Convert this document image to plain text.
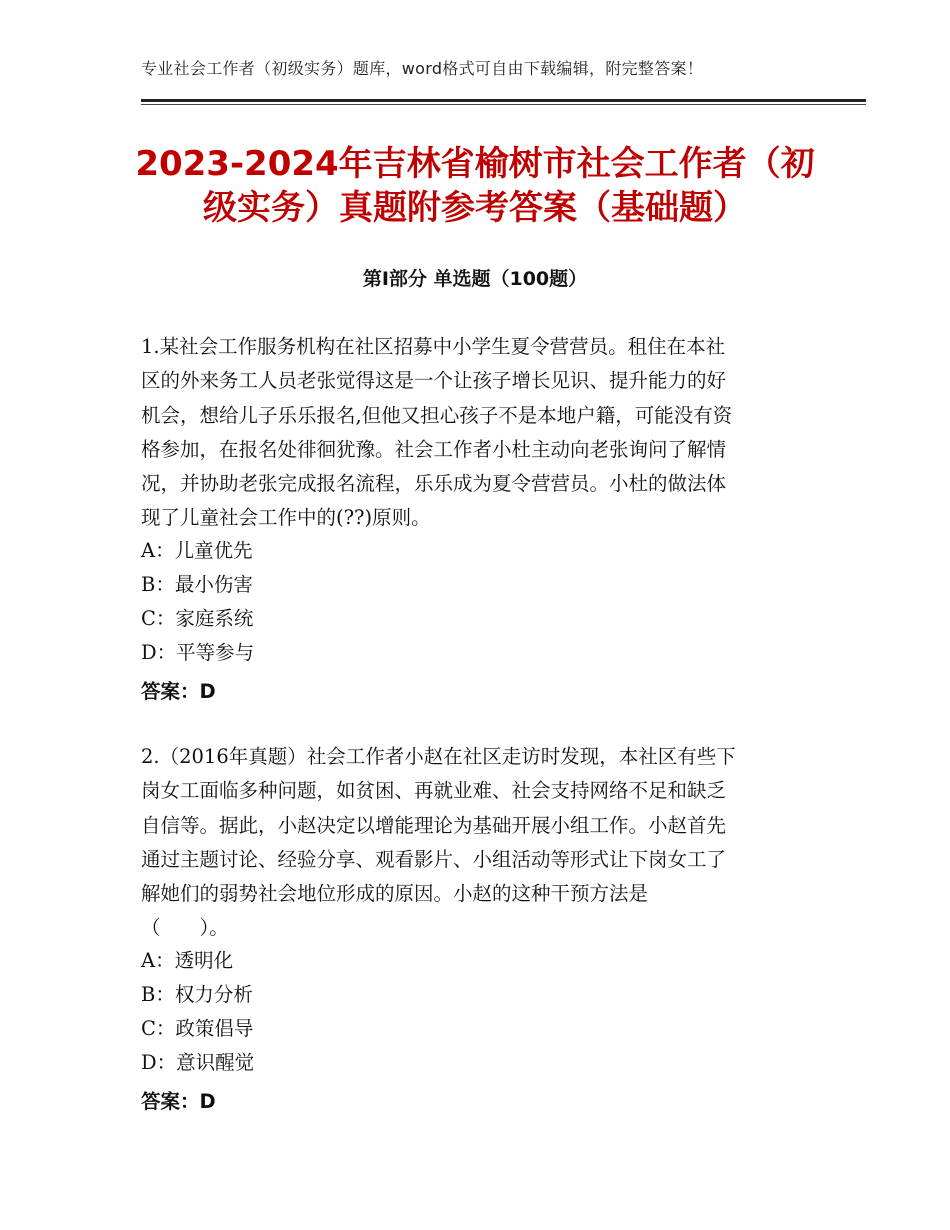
专业社会工作者（初级实务）题库，word格式可自由下载编辑，附完整答案！
2023-2024年吉林省榆树市社会工作者（初
级实务）真题附参考答案（基础题）
第Ⅰ部分 单选题（100题）
1.某社会工作服务机构在社区招募中小学生夏令营营员。租住在本社
区的外来务工人员老张觉得这是一个让孩子增长见识、提升能力的好
机会，想给儿子乐乐报名,但他又担心孩子不是本地户籍，可能没有资
格参加，在报名处徘徊犹豫。社会工作者小杜主动向老张询问了解情
况，并协助老张完成报名流程，乐乐成为夏令营营员。小杜的做法体
现了儿童社会工作中的(??)原则。
A：儿童优先
B：最小伤害
C：家庭系统
D：平等参与
答案：D
2.（2016年真题）社会工作者小赵在社区走访时发现，本社区有些下
岗女工面临多种问题，如贫困、再就业难、社会支持网络不足和缺乏
自信等。据此，小赵决定以增能理论为基础开展小组工作。小赵首先
通过主题讨论、经验分享、观看影片、小组活动等形式让下岗女工了
解她们的弱势社会地位形成的原因。小赵的这种干预方法是
（　　）。
A：透明化
B：权力分析
C：政策倡导
D：意识醒觉
答案：D
